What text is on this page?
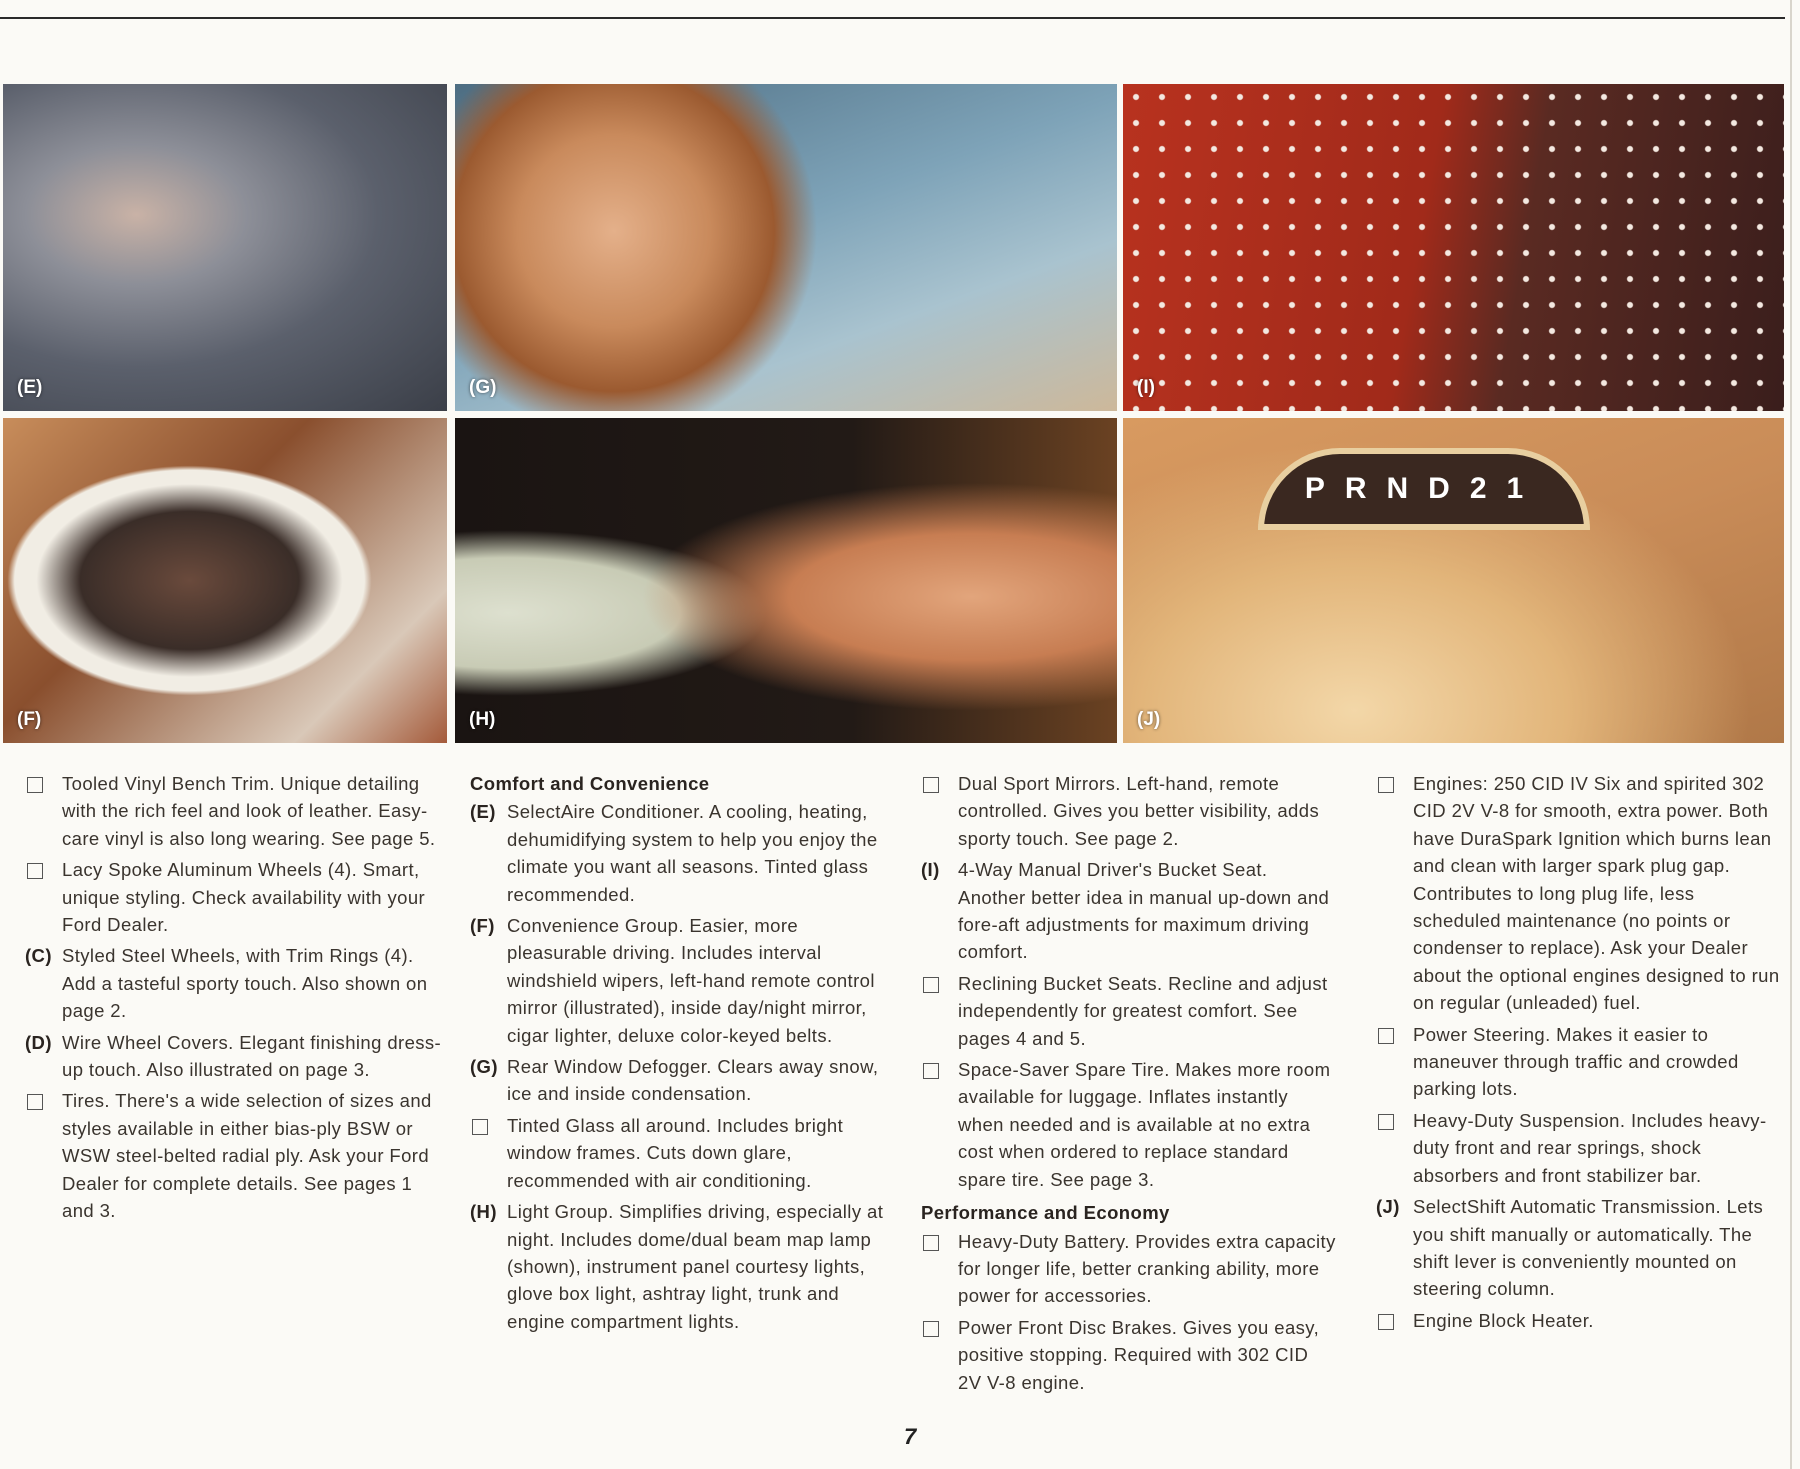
(E)	(G)	(I)
(F)	(H)
PRND21
(J)
Tooled Vinyl Bench Trim. Unique detailing with the rich feel and look of leather. Easy-care vinyl is also long wearing. See page 5.
Lacy Spoke Aluminum Wheels (4). Smart, unique styling. Check availability with your Ford Dealer.
(C) Styled Steel Wheels, with Trim Rings (4). Add a tasteful sporty touch. Also shown on page 2.
(D) Wire Wheel Covers. Elegant finishing dress-up touch. Also illustrated on page 3.
Tires. There's a wide selection of sizes and styles available in either bias-ply BSW or WSW steel-belted radial ply. Ask your Ford Dealer for complete details. See pages 1 and 3.
Comfort and Convenience
(E) SelectAire Conditioner. A cooling, heating, dehumidifying system to help you enjoy the climate you want all seasons. Tinted glass recommended.
(F) Convenience Group. Easier, more pleasurable driving. Includes interval windshield wipers, left-hand remote control mirror (illustrated), inside day/night mirror, cigar lighter, deluxe color-keyed belts.
(G) Rear Window Defogger. Clears away snow, ice and inside condensation.
Tinted Glass all around. Includes bright window frames. Cuts down glare, recommended with air conditioning.
(H) Light Group. Simplifies driving, especially at night. Includes dome/dual beam map lamp (shown), instrument panel courtesy lights, glove box light, ashtray light, trunk and engine compartment lights.
Dual Sport Mirrors. Left-hand, remote controlled. Gives you better visibility, adds sporty touch. See page 2.
(I) 4-Way Manual Driver's Bucket Seat. Another better idea in manual up-down and fore-aft adjustments for maximum driving comfort.
Reclining Bucket Seats. Recline and adjust independently for greatest comfort. See pages 4 and 5.
Space-Saver Spare Tire. Makes more room available for luggage. Inflates instantly when needed and is available at no extra cost when ordered to replace standard spare tire. See page 3.
Performance and Economy
Heavy-Duty Battery. Provides extra capacity for longer life, better cranking ability, more power for accessories.
Power Front Disc Brakes. Gives you easy, positive stopping. Required with 302 CID 2V V-8 engine.
Engines: 250 CID IV Six and spirited 302 CID 2V V-8 for smooth, extra power. Both have DuraSpark Ignition which burns lean and clean with larger spark plug gap. Contributes to long plug life, less scheduled maintenance (no points or condenser to replace). Ask your Dealer about the optional engines designed to run on regular (unleaded) fuel.
Power Steering. Makes it easier to maneuver through traffic and crowded parking lots.
Heavy-Duty Suspension. Includes heavy-duty front and rear springs, shock absorbers and front stabilizer bar.
(J) SelectShift Automatic Transmission. Lets you shift manually or automatically. The shift lever is conveniently mounted on steering column.
Engine Block Heater.
7
